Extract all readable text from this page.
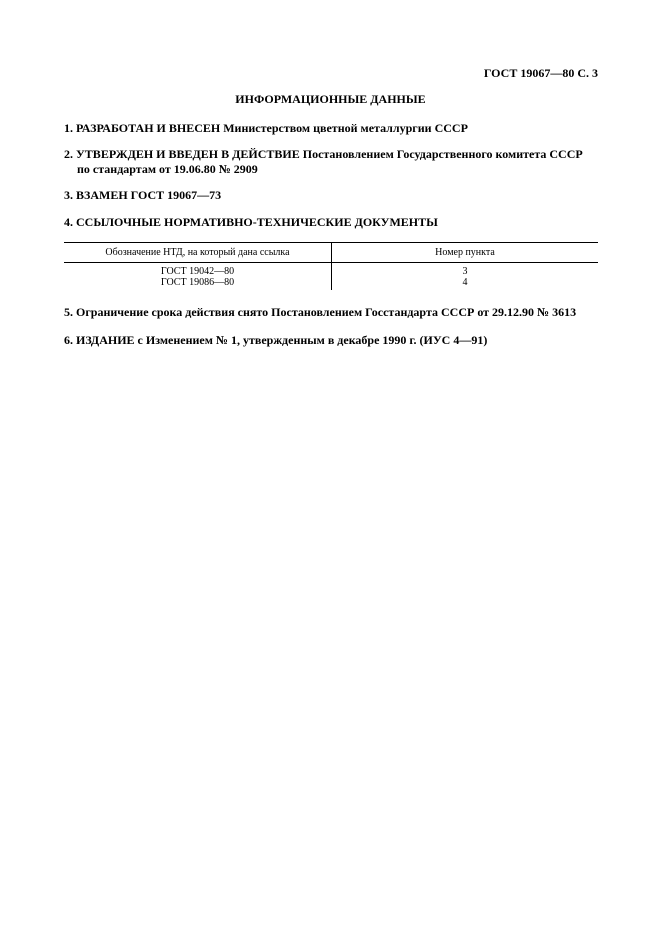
ГОСТ 19067—80 С. 3
ИНФОРМАЦИОННЫЕ ДАННЫЕ
1. РАЗРАБОТАН И ВНЕСЕН Министерством цветной металлургии СССР
2. УТВЕРЖДЕН И ВВЕДЕН В ДЕЙСТВИЕ Постановлением Государственного комитета СССР
по стандартам от 19.06.80 № 2909
3. ВЗАМЕН ГОСТ 19067—73
4. ССЫЛОЧНЫЕ НОРМАТИВНО-ТЕХНИЧЕСКИЕ ДОКУМЕНТЫ
Обозначение НТД, на который дана ссылка	Номер пункта
ГОСТ 19042—80	3
ГОСТ 19086—80	4
5. Ограничение срока действия снято Постановлением Госстандарта СССР от 29.12.90 № 3613
6. ИЗДАНИЕ с Изменением № 1, утвержденным в декабре 1990 г. (ИУС 4—91)
